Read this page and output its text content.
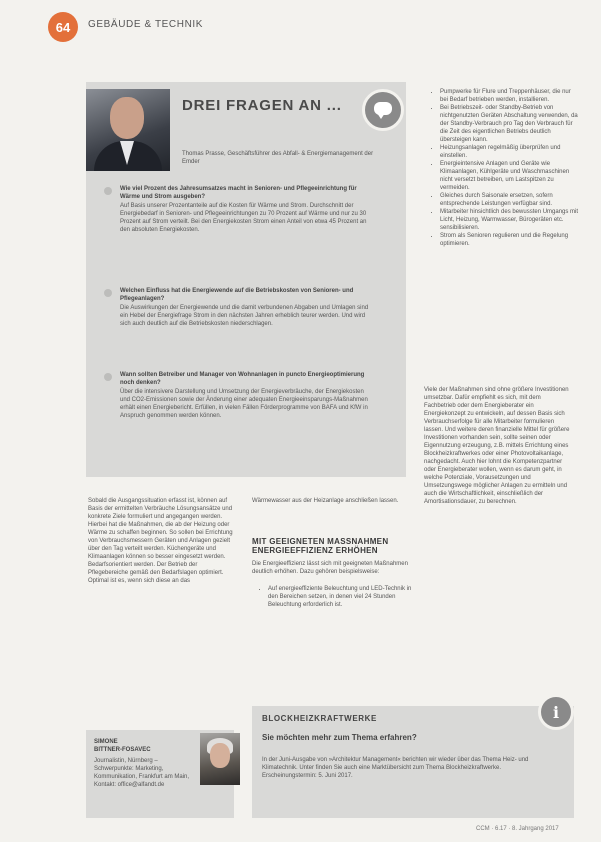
64	GEBÄUDE & TECHNIK
DREI FRAGEN AN ...
Thomas Prasse, Geschäftsführer des Abfall- & Energiemanagement der Emder
Wie viel Prozent des Jahresumsatzes macht in Senioren- und Pflegeeinrichtung für Wärme und Strom ausgeben?
Auf Basis unserer Prozentanteile auf die Kosten für Wärme und Strom. Durchschnitt der Energiebedarf in Senioren- und Pflegeeinrichtungen zu 70 Prozent auf Wärme und nur zu 30 Prozent auf Strom verteilt. Bei den Energiekosten Strom einen Anteil von etwa 45 Prozent an den absoluten Energiekosten.
Welchen Einfluss hat die Energiewende auf die Betriebskosten von Senioren- und Pflegeanlagen?
Die Auswirkungen der Energiewende und die damit verbundenen Abgaben und Umlagen sind ein Hebel der Energiefrage Strom in den nächsten Jahren erheblich teurer werden. Und wird sich auch deutlich auf die Betriebskosten niederschlagen.
Wann sollten Betreiber und Manager von Wohnanlagen in puncto Energieoptimierung noch denken?
Über die intensivere Darstellung und Umsetzung der Energieverbräuche, der Energiekosten und CO2-Emissionen sowie der Änderung einer adequaten Energieeinsparungs-Maßnahmen erhält einen Energiebericht. Erfüllen, in vielen Fällen Förderprogramme von BAFA und KfW in Anspruch genommen werden können.
• Pumpwerke für Flure und Treppenhäuser, die nur bei Bedarf betrieben werden, installieren.
• Bei Betriebszeit- oder Standby-Betrieb von nichtgenutzten Geräten Abschaltung verwenden, da der Standby-Verbrauch pro Tag den Verbrauch für die Zeit des eigentlichen Betriebs deutlich übersteigen kann.
• Heizungsanlagen regelmäßig überprüfen und einstellen.
• Energieintensive Anlagen und Geräte wie Klimaanlagen, Kühlgeräte und Waschmaschinen nicht versetzt betreiben, um Lastspitzen zu vermeiden.
• Gleiches durch Saisonale ersetzen, sofern entsprechende Leistungen verfügbar sind.
• Mitarbeiter hinsichtlich des bewussten Umgangs mit Licht, Heizung, Warmwasser, Bürogeräten etc. sensibilisieren.
• Strom als Senioren regulieren und die Regelung optimieren.
Viele der Maßnahmen sind ohne größere Investitionen umsetzbar. Dafür empfiehlt es sich, mit dem Fachbetrieb oder dem Energieberater ein Energiekonzept zu entwickeln, auf dessen Basis sich Verbrauchserfolge für alle Mitarbeiter formulieren lassen. Und weitere deren finanzielle Mittel für größere Investitionen vorhanden sein, sollte seinen oder Eigennutzung erzeugung, z.B. mittels Errichtung eines Blockheizkraftwerkes oder einer Photovoltaikanlage, nachgedacht. Auch hier lohnt die Kompetenzpartner oder Energieberater wollen, wenn es darum geht, in welche Potenziale, Vorausetzungen und Umsetzungswege möglicher Anlagen zu ermitteln und auch die Wirtschaftlichkeit, einschließlich der Amortisationsdauer, zu berechnen.
Sobald die Ausgangssituation erfasst ist, können auf Basis der ermittelten Verbräuche Lösungsansätze und konkrete Ziele formuliert und angegangen werden. Hierbei hat die Maßnahmen, die ab der Heizung oder Wärme zu schaffen beginnen. So sollen bei Errichtung von Verbrauchsmessern Geräten und Anlagen gezielt über den Tag verteilt werden. Küchengeräte und Klimaanlagen können so besser eingesetzt werden. Bedarfsorientiert werden. Der Betrieb der Pflegebereiche gemäß den Bedarfslagen optimiert. Optimal ist es, wenn sich diese an das
Wärmewasser aus der Heizanlage anschließen lassen.
MIT GEEIGNETEN MASSNAHMEN ENERGIEEFFIZIENZ ERHÖHEN
Die Energieeffizienz lässt sich mit geeigneten Maßnahmen deutlich erhöhen. Dazu gehören beispielsweise:
• Auf energieeffiziente Beleuchtung und LED-Technik in den Bereichen setzen, in denen viel 24 Stunden Beleuchtung erforderlich ist.
SIMONE
BITTNER-FOSAVEC
Journalistin, Nürnberg – Schwerpunkte: Marketing, Kommunikation, Frankfurt am Main, Kontakt: office@alfandt.de
BLOCKHEIZKRAFTWERKE
Sie möchten mehr zum Thema erfahren?
In der Juni-Ausgabe von »Architektur Management« berichten wir wieder über das Thema Heiz- und Klimatechnik. Unter finden Sie auch eine Marktübersicht zum Thema Blockheizkraftwerke. Erscheinungstermin: 5. Juni 2017.
i
CCM · 6.17 · 8. Jahrgang 2017
